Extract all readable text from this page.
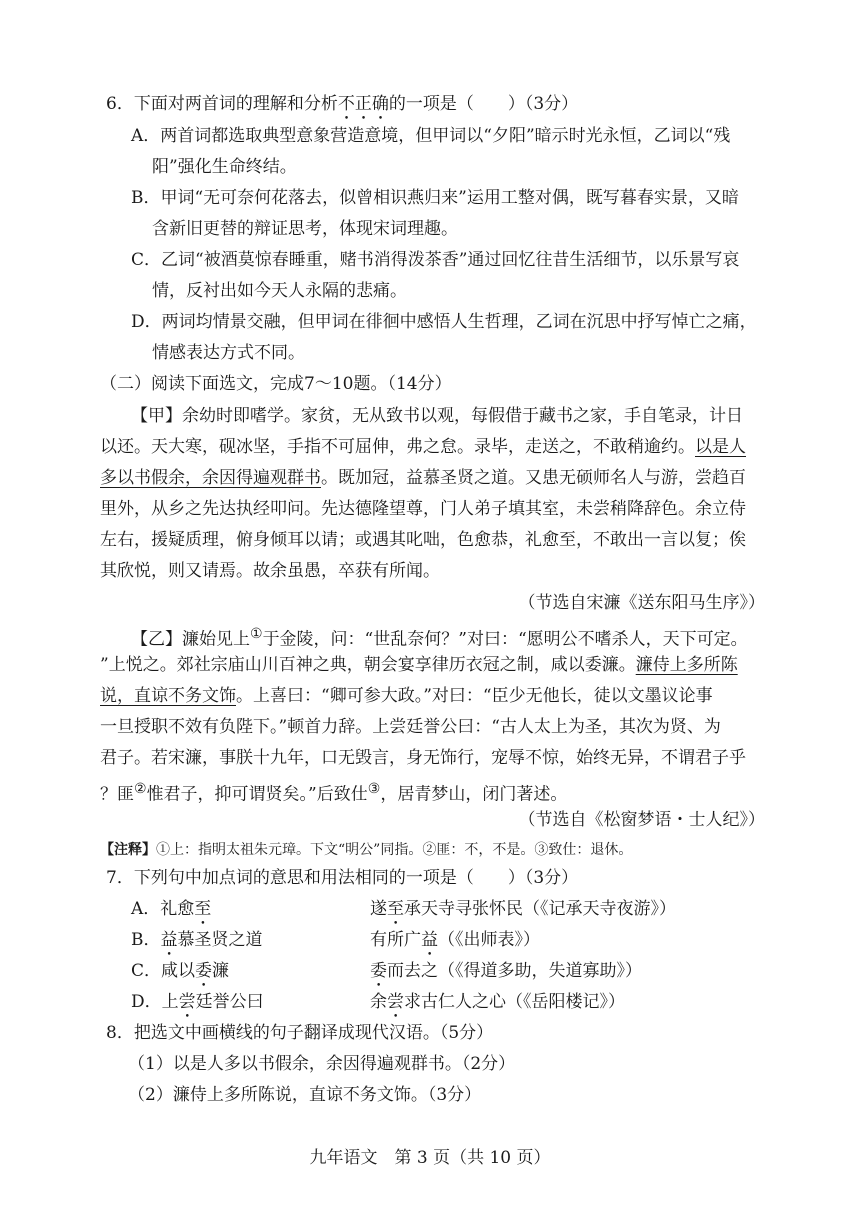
6．下面对两首词的理解和分析不正确的一项是（　　）（3分）
A．两首词都选取典型意象营造意境，但甲词以“夕阳”暗示时光永恒，乙词以“残
阳”强化生命终结。
B．甲词“无可奈何花落去，似曾相识燕归来”运用工整对偶，既写暮春实景，又暗
含新旧更替的辩证思考，体现宋词理趣。
C．乙词“被酒莫惊春睡重，赌书消得泼茶香”通过回忆往昔生活细节，以乐景写哀
情，反衬出如今天人永隔的悲痛。
D．两词均情景交融，但甲词在徘徊中感悟人生哲理，乙词在沉思中抒写悼亡之痛，
情感表达方式不同。
（二）阅读下面选文，完成7～10题。（14分）
【甲】余幼时即嗜学。家贫，无从致书以观，每假借于藏书之家，手自笔录，计日
以还。天大寒，砚冰坚，手指不可屈伸，弗之怠。录毕，走送之，不敢稍逾约。以是人
多以书假余，余因得遍观群书。既加冠，益慕圣贤之道。又患无硕师名人与游，尝趋百
里外，从乡之先达执经叩问。先达德隆望尊，门人弟子填其室，未尝稍降辞色。余立侍
左右，援疑质理，俯身倾耳以请；或遇其叱咄，色愈恭，礼愈至，不敢出一言以复；俟
其欣悦，则又请焉。故余虽愚，卒获有所闻。
（节选自宋濂《送东阳马生序》）
【乙】濂始见上①于金陵，问：“世乱奈何？”对曰：“愿明公不嗜杀人，天下可定。
”上悦之。郊社宗庙山川百神之典，朝会宴享律历衣冠之制，咸以委濂。濂侍上多所陈
说，直谅不务文饰。上喜曰：“卿可参大政。”对曰：“臣少无他长，徒以文墨议论事
一旦授职不效有负陛下。”顿首力辞。上尝廷誉公曰：“古人太上为圣，其次为贤、为
君子。若宋濂，事朕十九年，口无毁言，身无饰行，宠辱不惊，始终无异，不谓君子乎
？匪②惟君子，抑可谓贤矣。”后致仕③，居青梦山，闭门著述。
（节选自《松窗梦语・士人纪》）
【注释】①上：指明太祖朱元璋。下文“明公”同指。②匪：不，不是。③致仕：退休。
7．下列句中加点词的意思和用法相同的一项是（　　）（3分）
A．礼愈至	遂至承天寺寻张怀民（《记承天寺夜游》）
B．益慕圣贤之道	有所广益（《出师表》）
C．咸以委濂	委而去之（《得道多助，失道寡助》）
D．上尝廷誉公曰	余尝求古仁人之心（《岳阳楼记》）
8．把选文中画横线的句子翻译成现代汉语。（5分）
（1）以是人多以书假余，余因得遍观群书。（2分）
（2）濂侍上多所陈说，直谅不务文饰。（3分）
九年语文　第 3 页（共 10 页）
